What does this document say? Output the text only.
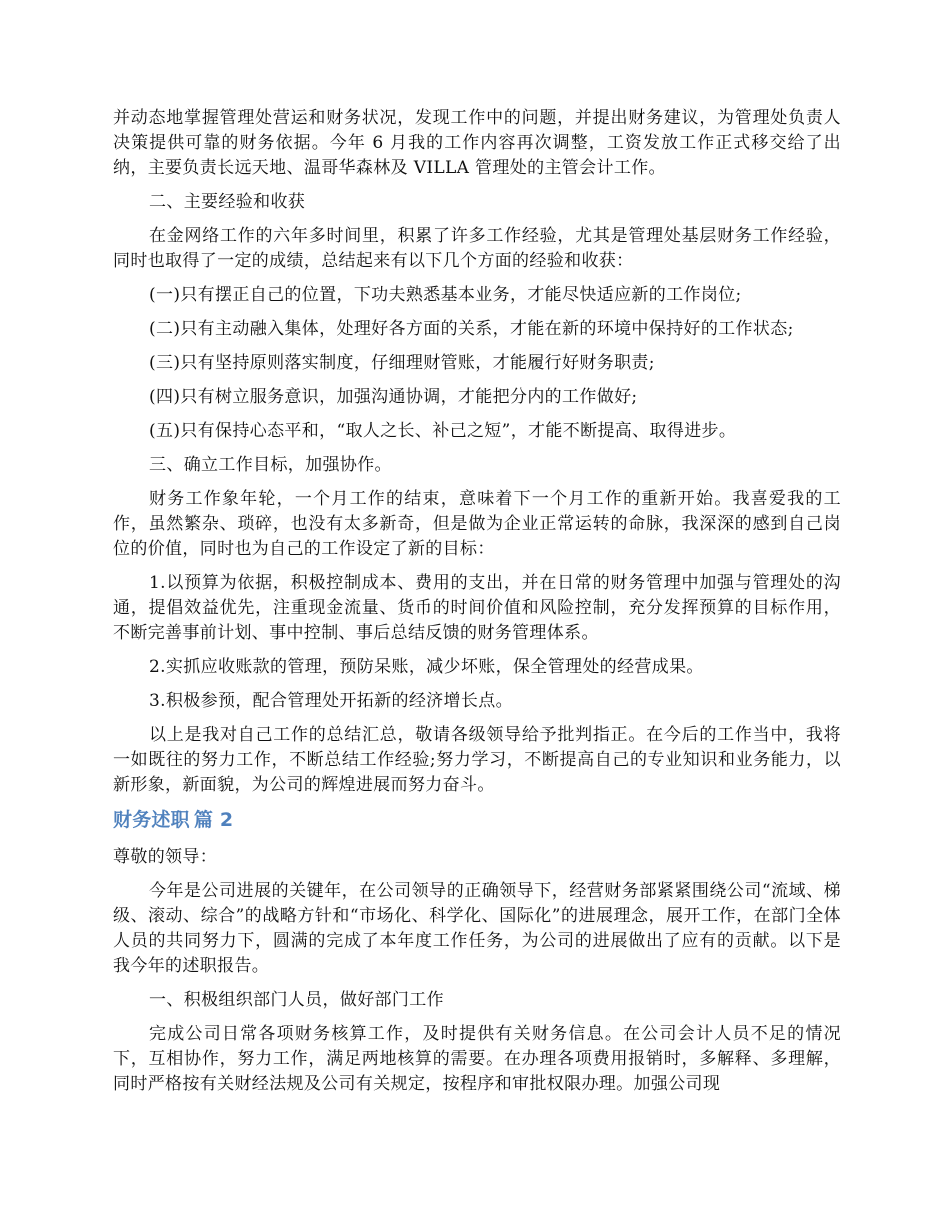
并动态地掌握管理处营运和财务状况，发现工作中的问题，并提出财务建议，为管理处负责人决策提供可靠的财务依据。今年 6 月我的工作内容再次调整，工资发放工作正式移交给了出纳，主要负责长远天地、温哥华森林及 VILLA 管理处的主管会计工作。

二、主要经验和收获

在金网络工作的六年多时间里，积累了许多工作经验，尤其是管理处基层财务工作经验，同时也取得了一定的成绩，总结起来有以下几个方面的经验和收获：

(一)只有摆正自己的位置，下功夫熟悉基本业务，才能尽快适应新的工作岗位;

(二)只有主动融入集体，处理好各方面的关系，才能在新的环境中保持好的工作状态;

(三)只有坚持原则落实制度，仔细理财管账，才能履行好财务职责;

(四)只有树立服务意识，加强沟通协调，才能把分内的工作做好;

(五)只有保持心态平和，“取人之长、补己之短”，才能不断提高、取得进步。

三、确立工作目标，加强协作。

财务工作象年轮，一个月工作的结束，意味着下一个月工作的重新开始。我喜爱我的工作，虽然繁杂、琐碎，也没有太多新奇，但是做为企业正常运转的命脉，我深深的感到自己岗位的价值，同时也为自己的工作设定了新的目标：

1.以预算为依据，积极控制成本、费用的支出，并在日常的财务管理中加强与管理处的沟通，提倡效益优先，注重现金流量、货币的时间价值和风险控制，充分发挥预算的目标作用，不断完善事前计划、事中控制、事后总结反馈的财务管理体系。

2.实抓应收账款的管理，预防呆账，减少坏账，保全管理处的经营成果。

3.积极参预，配合管理处开拓新的经济增长点。

以上是我对自己工作的总结汇总，敬请各级领导给予批判指正。在今后的工作当中，我将一如既往的努力工作，不断总结工作经验;努力学习，不断提高自己的专业知识和业务能力，以新形象，新面貌，为公司的辉煌进展而努力奋斗。

财务述职 篇 2

尊敬的领导：

今年是公司进展的关键年，在公司领导的正确领导下，经营财务部紧紧围绕公司“流域、梯级、滚动、综合”的战略方针和“市场化、科学化、国际化”的进展理念，展开工作，在部门全体人员的共同努力下，圆满的完成了本年度工作任务，为公司的进展做出了应有的贡献。以下是我今年的述职报告。

一、积极组织部门人员，做好部门工作

完成公司日常各项财务核算工作，及时提供有关财务信息。在公司会计人员不足的情况下，互相协作，努力工作，满足两地核算的需要。在办理各项费用报销时，多解释、多理解，同时严格按有关财经法规及公司有关规定，按程序和审批权限办理。加强公司现
